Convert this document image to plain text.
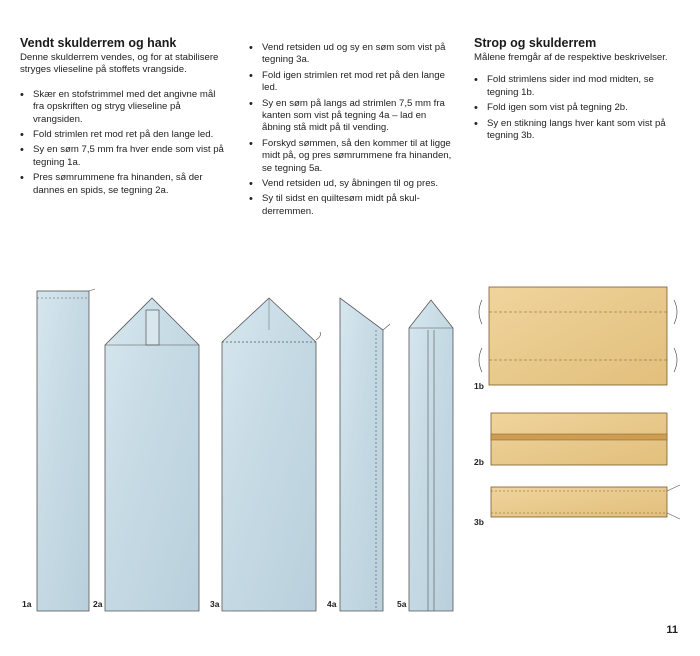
Vendt skulderrem og hank

Denne skulderrem vendes, og for at stabilisere stryges vlieseline på stoffets vrangside.

• Skær en stofstrimmel med det angivne mål fra opskriften og stryg vlieseline på vrangsiden.
• Fold strimlen ret mod ret på den lange led.
• Sy en søm 7,5 mm fra hver ende som vist på tegning 1a.
• Pres sømrummene fra hinanden, så der dannes en spids, se tegning 2a.
• Vend retsiden ud og sy en søm som vist på tegning 3a.
• Fold igen strimlen ret mod ret på den lange led.
• Sy en søm på langs ad strimlen 7,5 mm fra kanten som vist på tegning 4a – lad en åbning stå midt på til vending.
• Forskyd sømmen, så den kommer til at ligge midt på, og pres sømrummene fra hinanden, se tegning 5a.
• Vend retsiden ud, sy åbningen til og pres.
• Sy til sidst en quiltesøm midt på skulderremmen.
Strop og skulderrem

Målene fremgår af de respektive beskrivelser.

• Fold strimlens sider ind mod midten, se tegning 1b.
• Fold igen som vist på tegning 2b.
• Sy en stikning langs hver kant som vist på tegning 3b.
1a	2a	3a	4a	5a
1b
2b
3b
11
